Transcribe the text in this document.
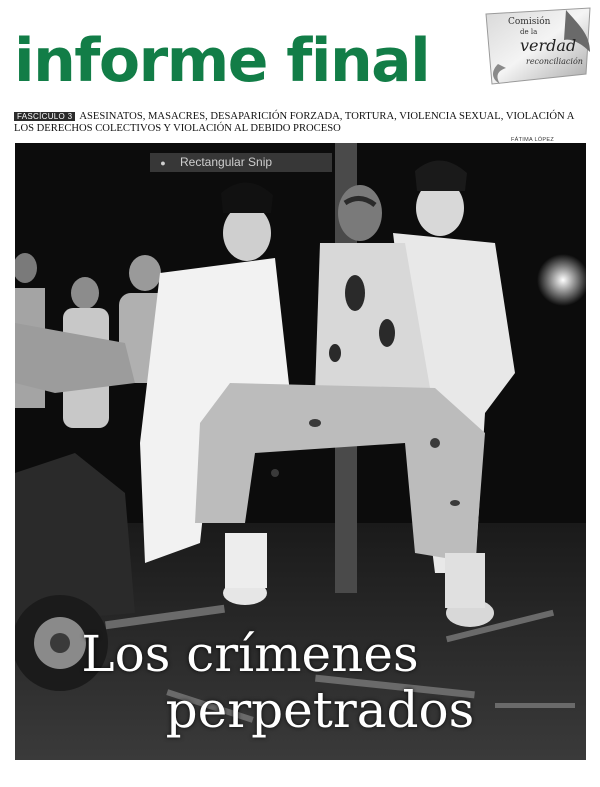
informe final
Comisión
de la
verdad
reconciliación
FASCÍCULO 3 ASESINATOS, MASACRES, DESAPARICIÓN FORZADA, TORTURA, VIOLENCIA SEXUAL, VIOLACIÓN A LOS DERECHOS COLECTIVOS Y VIOLACIÓN AL DEBIDO PROCESO
FÁTIMA LÓPEZ
● Rectangular Snip
Los crímenes
perpetrados
